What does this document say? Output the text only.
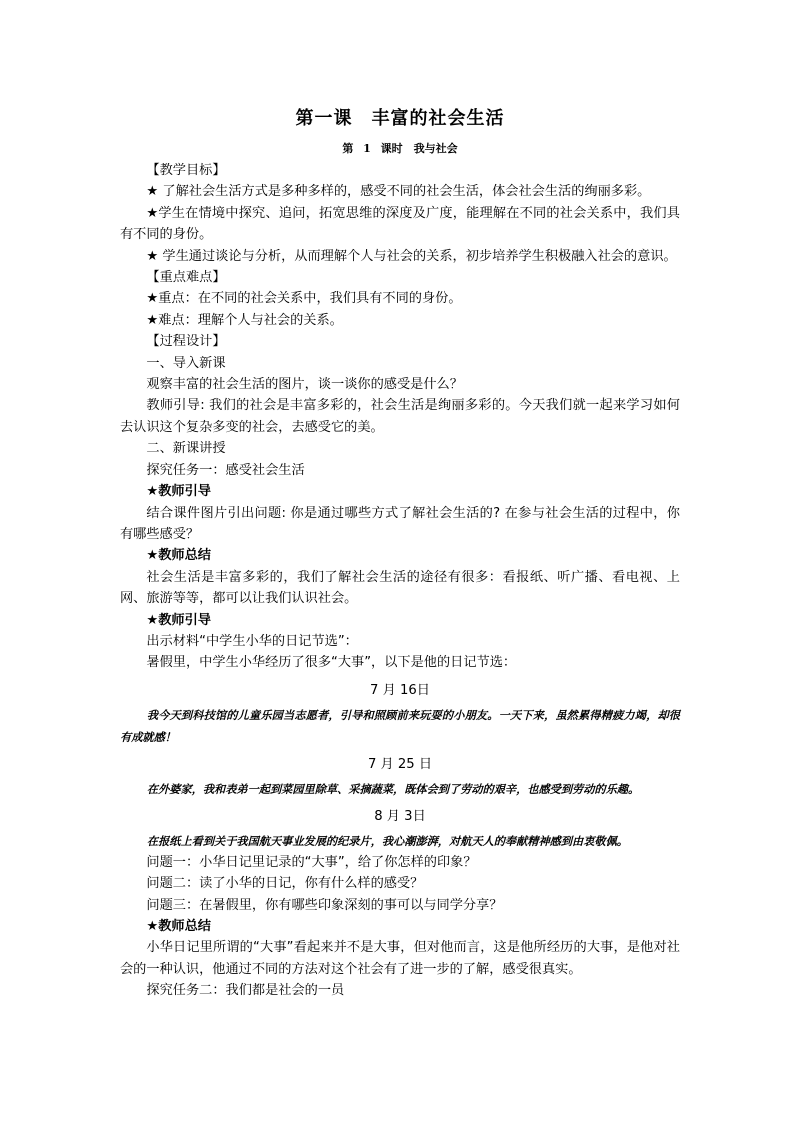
第一课　丰富的社会生活
第 1 课时　我与社会
【教学目标】
★ 了解社会生活方式是多种多样的，感受不同的社会生活，体会社会生活的绚丽多彩。
★学生在情境中探究、追问，拓宽思维的深度及广度，能理解在不同的社会关系中，我们具有不同的身份。
★ 学生通过谈论与分析，从而理解个人与社会的关系，初步培养学生积极融入社会的意识。
【重点难点】
★重点：在不同的社会关系中，我们具有不同的身份。
★难点：理解个人与社会的关系。
【过程设计】
一、导入新课
观察丰富的社会生活的图片，谈一谈你的感受是什么？
教师引导: 我们的社会是丰富多彩的，社会生活是绚丽多彩的。今天我们就一起来学习如何去认识这个复杂多变的社会，去感受它的美。
二、新课讲授
探究任务一：感受社会生活
★教师引导
结合课件图片引出问题: 你是通过哪些方式了解社会生活的? 在参与社会生活的过程中，你有哪些感受？
★教师总结
社会生活是丰富多彩的，我们了解社会生活的途径有很多：看报纸、听广播、看电视、上网、旅游等等，都可以让我们认识社会。
★教师引导
出示材料“中学生小华的日记节选”：
暑假里，中学生小华经历了很多“大事”，以下是他的日记节选：
7 月 16日
我今天到科技馆的儿童乐园当志愿者，引导和照顾前来玩耍的小朋友。一天下来，虽然累得精疲力竭，却很有成就感！
7 月 25 日
在外婆家，我和表弟一起到菜园里除草、采摘蔬菜，既体会到了劳动的艰辛，也感受到劳动的乐趣。
8 月 3日
在报纸上看到关于我国航天事业发展的纪录片，我心潮澎湃，对航天人的奉献精神感到由衷敬佩。
问题一：小华日记里记录的“大事”，给了你怎样的印象？
问题二：读了小华的日记，你有什么样的感受？
问题三：在暑假里，你有哪些印象深刻的事可以与同学分享？
★教师总结
小华日记里所谓的“大事”看起来并不是大事，但对他而言，这是他所经历的大事，是他对社会的一种认识，他通过不同的方法对这个社会有了进一步的了解，感受很真实。
探究任务二：我们都是社会的一员
